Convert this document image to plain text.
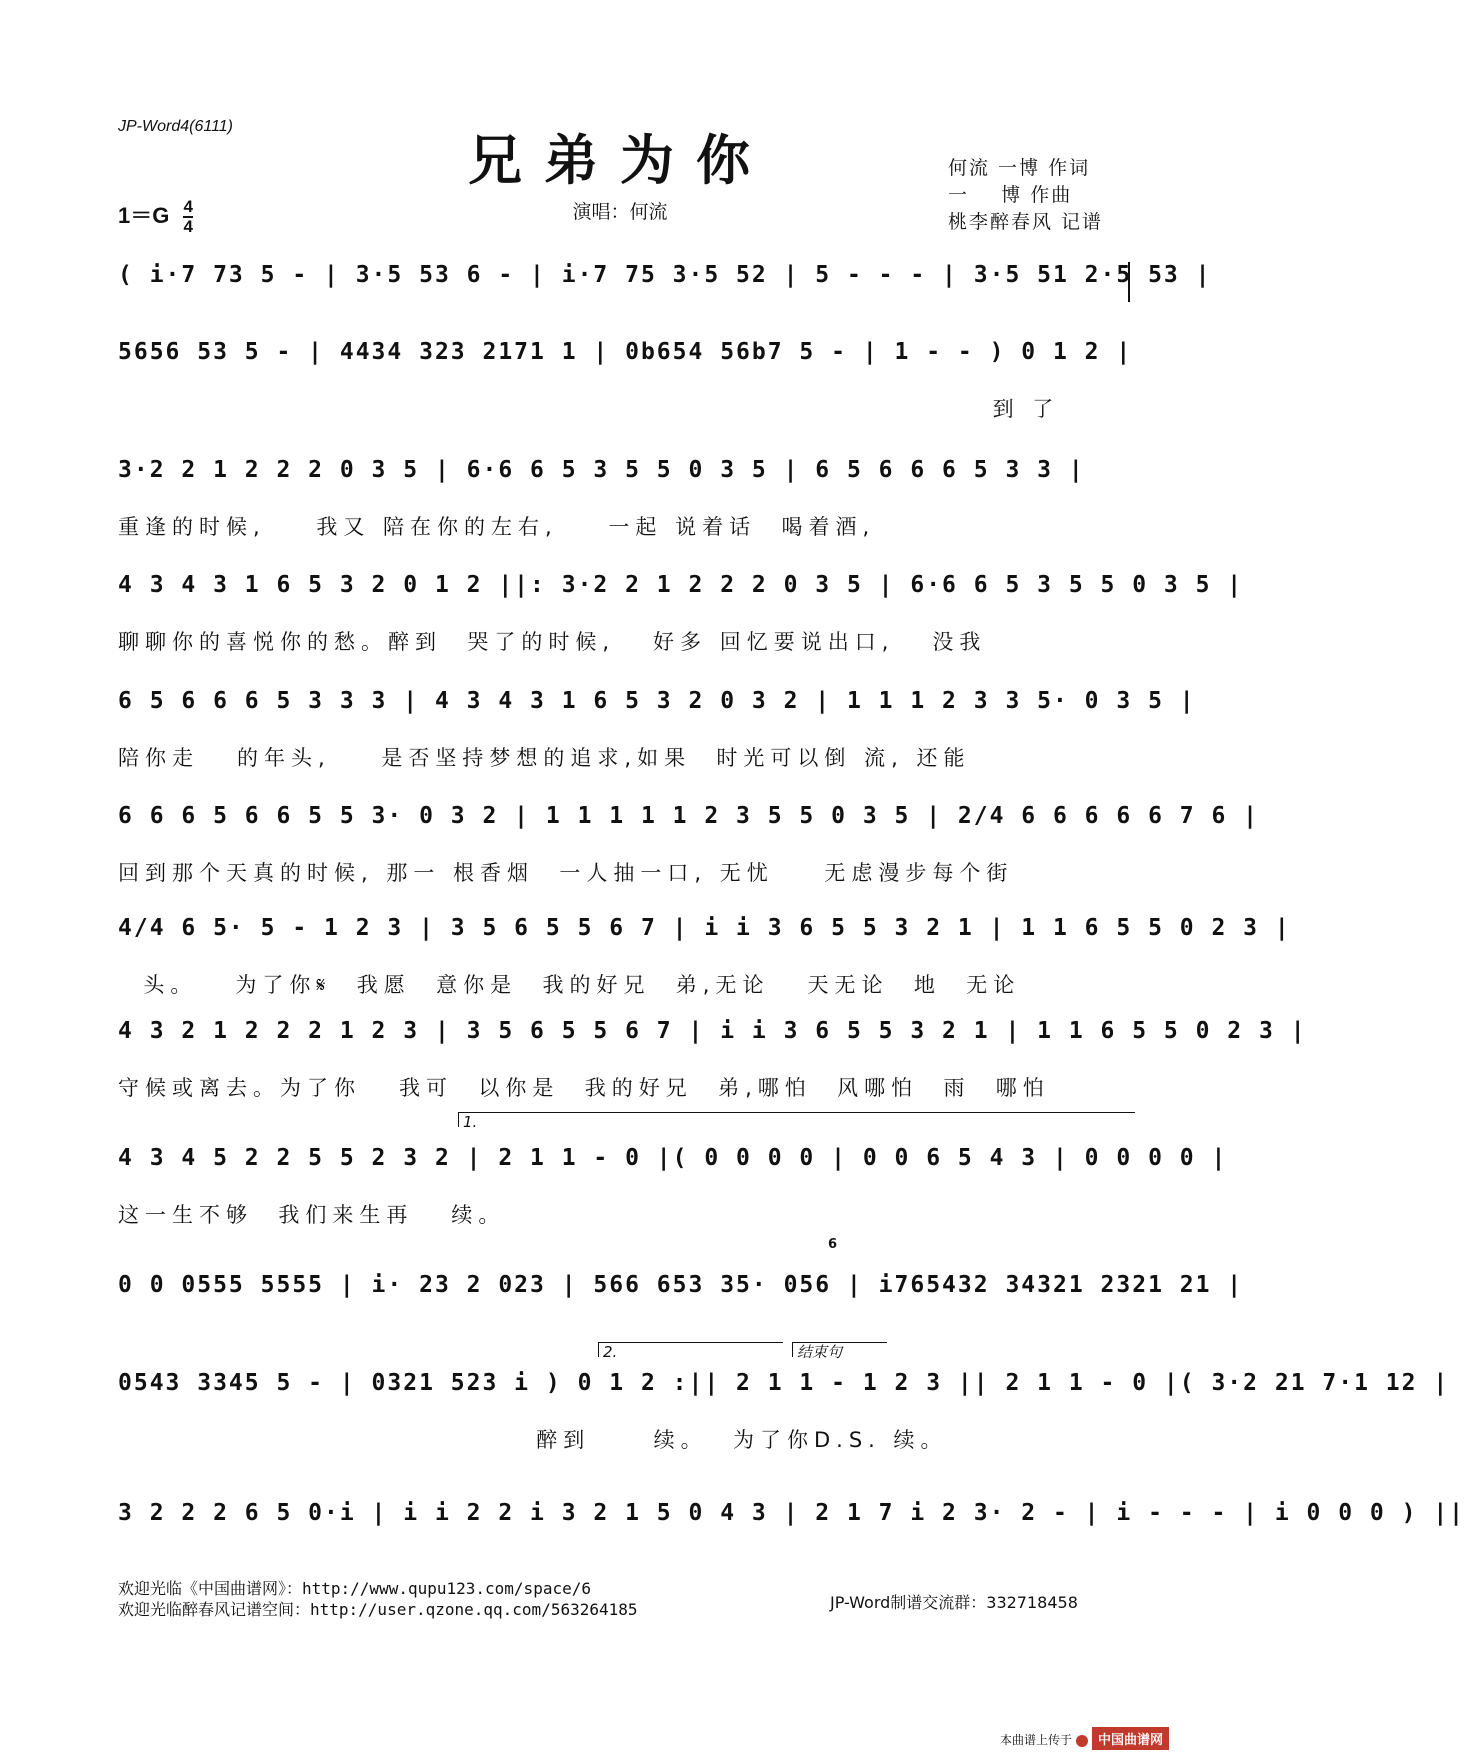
JP-Word4(6111)
兄弟为你
演唱：何流
何流 一博 作词
一    博 作曲
桃李醉春风 记谱
$1=G \frac{4}{4}$
( i·7 73 5 - | 3·5 53 6 - | i·7 75 3·5 52 | 5 - - - | 3·5 51 2·5 53 |
5656 53 5 - | 4434 323 2171 1 | 0b654 56b7 5 - | 1 - - ) 0 1 2 |
到 了
3·2 2 1 2 2 2 0 3 5 | 6·6 6 5 3 5 5 0 3 5 | 6 5 6 6 6 5 3 3 |
重逢的时候,    我又 陪在你的左右,    一起 说着话  喝着酒,
4 3 4 3 1 6 5 3 2 0 1 2 ||: 3·2 2 1 2 2 2 0 3 5 | 6·6 6 5 3 5 5 0 3 5 |
聊聊你的喜悦你的愁。醉到  哭了的时候,   好多 回忆要说出口,   没我
6 5 6 6 6 5 3 3 3 | 4 3 4 3 1 6 5 3 2 0 3 2 | 1 1 1 2 3 3 5· 0 3 5 |
陪你走   的年头,    是否坚持梦想的追求,如果  时光可以倒 流, 还能
6 6 6 5 6 6 5 5 3· 0 3 2 | 1 1 1 1 1 2 3 5 5 0 3 5 | 2/4 6 6 6 6 6 7 6 |
回到那个天真的时候, 那一 根香烟  一人抽一口, 无忧    无虑漫步每个街
4/4 6 5· 5 - 1 2 3 | 3 5 6 5 5 6 7 | i i 3 6 5 5 3 2 1 | 1 1 6 5 5 0 2 3 |
头。   为了你𝄋  我愿  意你是  我的好兄  弟,无论   天无论  地  无论
4 3 2 1 2 2 2 1 2 3 | 3 5 6 5 5 6 7 | i i 3 6 5 5 3 2 1 | 1 1 6 5 5 0 2 3 |
守候或离去。为了你   我可  以你是  我的好兄  弟,哪怕  风哪怕  雨  哪怕
1.
4 3 4 5 2 2 5 5 2 3 2 | 2 1 1 - 0 |( 0 0 0 0 | 0 0 6 5 4 3 | 0 0 0 0 |
这一生不够  我们来生再   续。
6
0 0 0555 5555 | i· 23 2 023 | 566 653 35· 056 | i765432 34321 2321 21 |
2.	结束句
0543 3345 5 - | 0321 523 i ) 0 1 2 :|| 2 1 1 - 1 2 3 || 2 1 1 - 0 |( 3·2 21 7·1 12 |
醉到     续。  为了你D.S. 续。
3 2 2 2 6 5 0·i | i i 2 2 i 3 2 1 5 0 4 3 | 2 1 7 i 2 3· 2 - | i - - - | i 0 0 0 ) ||
欢迎光临《中国曲谱网》：http://www.qupu123.com/space/6
欢迎光临醉春风记谱空间：http://user.qzone.qq.com/563264185	JP-Word制谱交流群：332718458
本曲谱上传于 中国曲谱网
